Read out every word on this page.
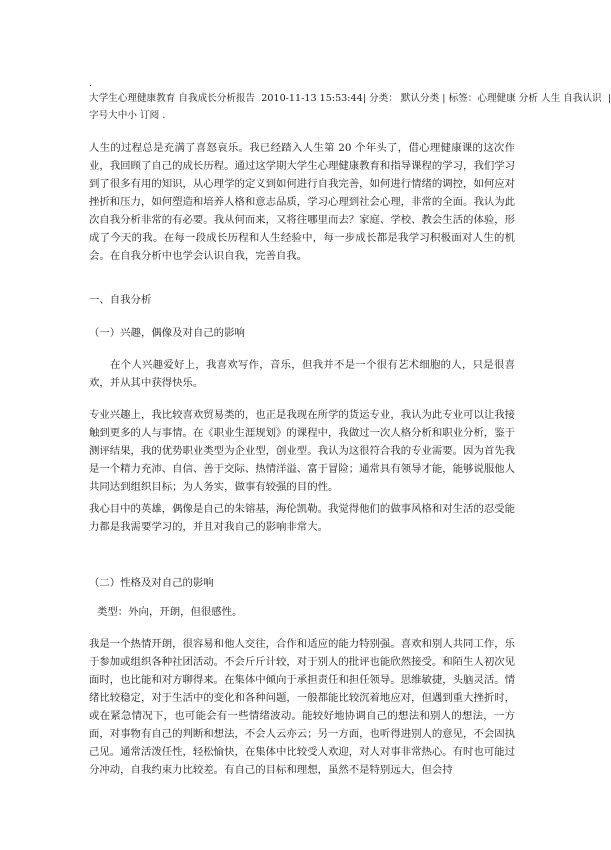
.
大学生心理健康教育 自我成长分析报告 2010-11-13 15:53:44| 分类： 默认分类 | 标签：心理健康 分析 人生 自我认识  |字号大中小 订阅 .

人生的过程总是充满了喜怒哀乐。我已经踏入人生第 20 个年头了，借心理健康课的这次作业，我回顾了自己的成长历程。通过这学期大学生心理健康教育和指导课程的学习，我们学习到了很多有用的知识，从心理学的定义到如何进行自我完善，如何进行情绪的调控，如何应对挫折和压力，如何塑造和培养人格和意志品质，学习心理到社会心理，非常的全面。我认为此次自我分析非常的有必要。我从何而来，又将往哪里而去？家庭、学校、教会生活的体验，形成了今天的我。在每一段成长历程和人生经验中，每一步成长都是我学习积极面对人生的机会。在自我分析中也学会认识自我，完善自我。

一、自我分析

（一）兴趣，偶像及对自己的影响

在个人兴趣爱好上，我喜欢写作，音乐，但我并不是一个很有艺术细胞的人，只是很喜欢，并从其中获得快乐。

专业兴趣上，我比较喜欢贸易类的，也正是我现在所学的货运专业，我认为此专业可以让我接触到更多的人与事情。在《职业生涯规划》的课程中，我做过一次人格分析和职业分析，鉴于测评结果，我的优势职业类型为企业型，创业型。我认为这很符合我的专业需要。因为首先我是一个精力充沛、自信、善于交际、热情洋溢、富于冒险；通常具有领导才能，能够说服他人共同达到组织目标；为人务实，做事有较强的目的性。

我心目中的英雄，偶像是自己的朱镕基，海伦凯勒。我觉得他们的做事风格和对生活的忍受能力都是我需要学习的，并且对我自己的影响非常大。

（二）性格及对自己的影响

类型：外向，开朗，但很感性。

我是一个热情开朗，很容易和他人交往，合作和适应的能力特别强。喜欢和别人共同工作，乐于参加或组织各种社团活动。不会斤斤计较，对于别人的批评也能欣然接受。和陌生人初次见面时，也比能和对方聊得来。在集体中倾向于承担责任和担任领导。思维敏捷，头脑灵活。情绪比较稳定，对于生活中的变化和各种问题，一般都能比较沉着地应对，但遇到重大挫折时，或在紧急情况下，也可能会有一些情绪波动。能较好地协调自己的想法和别人的想法，一方面，对事物有自己的判断和想法，不会人云亦云；另一方面，也听得进别人的意见，不会固执己见。通常活泼任性，轻松愉快，在集体中比较受人欢迎，对人对事非常热心。有时也可能过分冲动，自我约束力比较差。有自己的目标和理想，虽然不是特别远大，但会持
